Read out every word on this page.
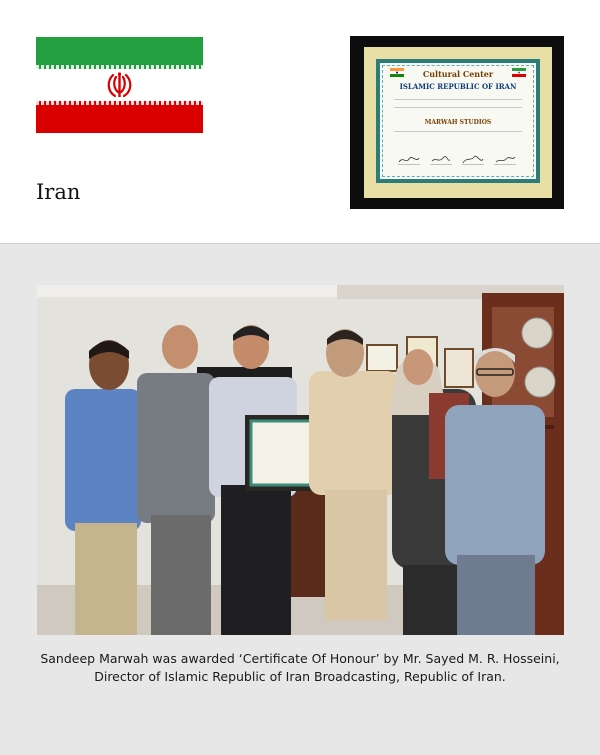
Iran
Cultural Center
ISLAMIC REPUBLIC OF IRAN
MARWAH STUDIOS
Sandeep Marwah was awarded ‘Certificate Of Honour’ by Mr. Sayed M. R. Hosseini,
Director of Islamic Republic of Iran Broadcasting, Republic of Iran.
